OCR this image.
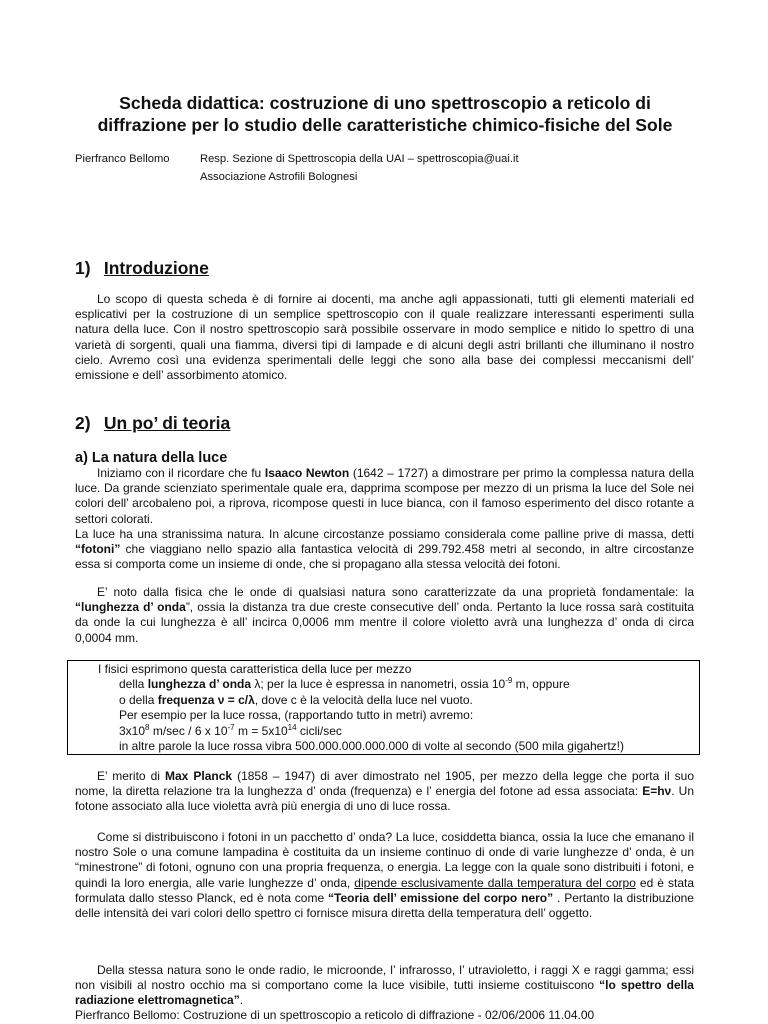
Scheda didattica: costruzione di uno spettroscopio a reticolo di
diffrazione per lo studio delle caratteristiche chimico-fisiche del Sole
Pierfranco Bellomo	Resp. Sezione di Spettroscopia della UAI – spettroscopia@uai.it
Associazione Astrofili Bolognesi
1) Introduzione
Lo scopo di questa scheda è di fornire ai docenti, ma anche agli appassionati, tutti gli elementi materiali ed esplicativi per la costruzione di un semplice spettroscopio con il quale realizzare interessanti esperimenti sulla natura della luce. Con il nostro spettroscopio sarà possibile osservare in modo semplice e nitido lo spettro di una varietà di sorgenti, quali una fiamma, diversi tipi di lampade e di alcuni degli astri brillanti che illuminano il nostro cielo. Avremo così una evidenza sperimentali delle leggi che sono alla base dei complessi meccanismi dell’ emissione e dell’ assorbimento atomico.
2) Un po’ di teoria
a) La natura della luce
Iniziamo con il ricordare che fu Isaaco Newton (1642 – 1727) a dimostrare per primo la complessa natura della luce. Da grande scienziato sperimentale quale era, dapprima scompose per mezzo di un prisma la luce del Sole nei colori dell’ arcobaleno poi, a riprova, ricompose questi in luce bianca, con il famoso esperimento del disco rotante a settori colorati.
La luce ha una stranissima natura. In alcune circostanze possiamo considerala come palline prive di massa, detti “fotoni” che viaggiano nello spazio alla fantastica velocità di 299.792.458 metri al secondo, in altre circostanze essa si comporta come un insieme di onde, che si propagano alla stessa velocità dei fotoni.
E’ noto dalla fisica che le onde di qualsiasi natura sono caratterizzate da una proprietà fondamentale: la “lunghezza d’ onda”, ossia la distanza tra due creste consecutive dell’ onda. Pertanto la luce rossa sarà costituita da onde la cui lunghezza è all’ incirca 0,0006 mm mentre il colore violetto avrà una lunghezza d’ onda di circa 0,0004 mm.
I fisici esprimono questa caratteristica della luce per mezzo
della lunghezza d’ onda λ; per la luce è espressa in nanometri, ossia $10^{-9}$ m, oppure
o della frequenza ν = c/λ, dove c è la velocità della luce nel vuoto.
Per esempio per la luce rossa, (rapportando tutto in metri) avremo:
$3x10^8$ m/sec / 6 x $10^{-7}$ $m = 5x10^{14}$ cicli/sec
in altre parole la luce rossa vibra 500.000.000.000.000 di volte al secondo (500 mila gigahertz!)
E’ merito di Max Planck (1858 – 1947) di aver dimostrato nel 1905, per mezzo della legge che porta il suo nome, la diretta relazione tra la lunghezza d’ onda (frequenza) e l’ energia del fotone ad essa associata: E=hν. Un fotone associato alla luce violetta avrà più energia di uno di luce rossa.
Come si distribuiscono i fotoni in un pacchetto d’ onda? La luce, cosiddetta bianca, ossia la luce che emanano il nostro Sole o una comune lampadina è costituita da un insieme continuo di onde di varie lunghezze d’ onda, è un “minestrone” di fotoni, ognuno con una propria frequenza, o energia. La legge con la quale sono distribuiti i fotoni, e quindi la loro energia, alle varie lunghezze d’ onda, dipende esclusivamente dalla temperatura del corpo ed è stata formulata dallo stesso Planck, ed è nota come “Teoria dell’ emissione del corpo nero” . Pertanto la distribuzione delle intensità dei vari colori dello spettro ci fornisce misura diretta della temperatura dell’ oggetto.
Della stessa natura sono le onde radio, le microonde, l’ infrarosso, l’ utravioletto, i raggi X e raggi gamma; essi non visibili al nostro occhio ma si comportano come la luce visibile, tutti insieme costituiscono “lo spettro della radiazione elettromagnetica”.
Pierfranco Bellomo: Costruzione di un spettroscopio a reticolo di diffrazione - 02/06/2006 11.04.00
